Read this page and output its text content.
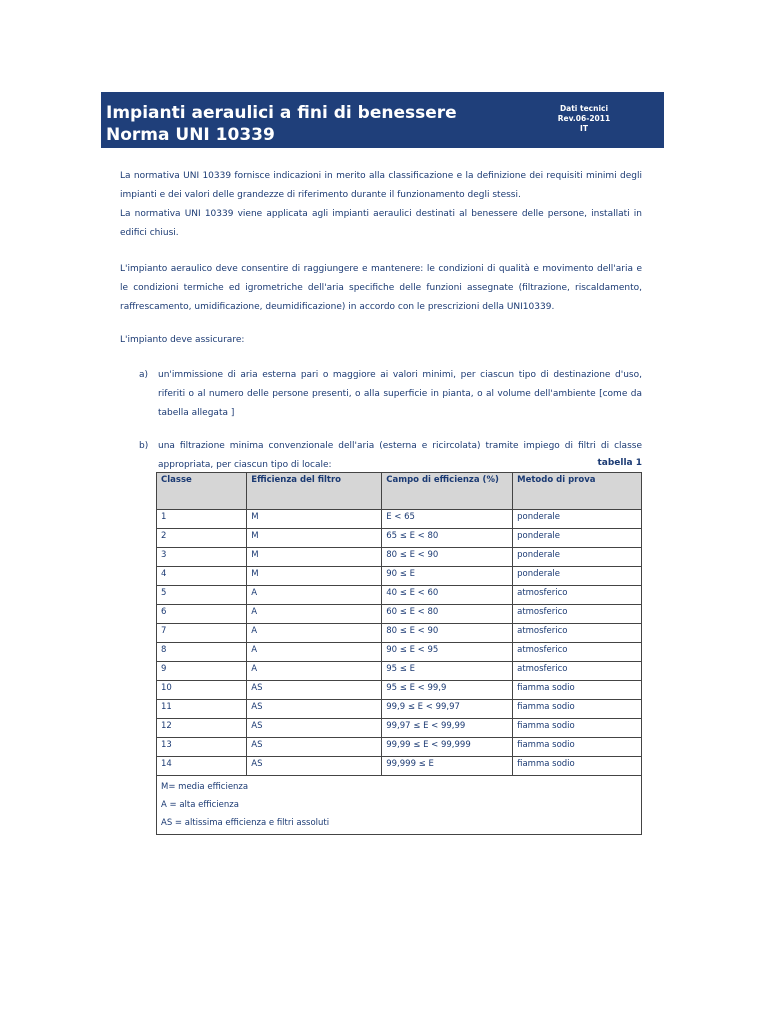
Impianti aeraulici a fini di benessere
Norma UNI 10339
Dati tecnici
Rev.06-2011
IT
La normativa UNI 10339 fornisce indicazioni in merito alla classificazione e la definizione dei requisiti minimi degli impianti e dei valori delle grandezze di riferimento durante il funzionamento degli stessi.
La normativa UNI 10339 viene applicata agli impianti aeraulici destinati al benessere delle persone, installati in edifici chiusi.
L'impianto aeraulico deve consentire di raggiungere e mantenere: le condizioni di qualità e movimento dell'aria e le condizioni termiche ed igrometriche dell'aria specifiche delle funzioni assegnate (filtrazione, riscaldamento, raffrescamento, umidificazione, deumidificazione) in accordo con le prescrizioni della UNI10339.
L'impianto deve assicurare:
a)	un'immissione di aria esterna pari o maggiore ai valori minimi, per ciascun tipo di destinazione d'uso, riferiti o al numero delle persone presenti, o alla superficie in pianta, o al volume dell'ambiente [come da tabella allegata ]
b)	una filtrazione minima convenzionale dell'aria (esterna e ricircolata) tramite impiego di filtri di classe appropriata, per ciascun tipo di locale:	tabella 1
Classe	Efficienza del filtro	Campo di efficienza (%)	Metodo di prova
1	M	E < 65	ponderale
2	M	65 ≤ E < 80	ponderale
3	M	80 ≤ E < 90	ponderale
4	M	90 ≤ E	ponderale
5	A	40 ≤ E < 60	atmosferico
6	A	60 ≤ E < 80	atmosferico
7	A	80 ≤ E < 90	atmosferico
8	A	90 ≤ E < 95	atmosferico
9	A	95 ≤ E	atmosferico
10	AS	95 ≤ E < 99,9	fiamma sodio
11	AS	99,9 ≤ E < 99,97	fiamma sodio
12	AS	99,97 ≤ E < 99,99	fiamma sodio
13	AS	99,99 ≤ E < 99,999	fiamma sodio
14	AS	99,999 ≤ E	fiamma sodio

M= media efficienza
A = alta efficienza
AS = altissima efficienza e filtri assoluti			
